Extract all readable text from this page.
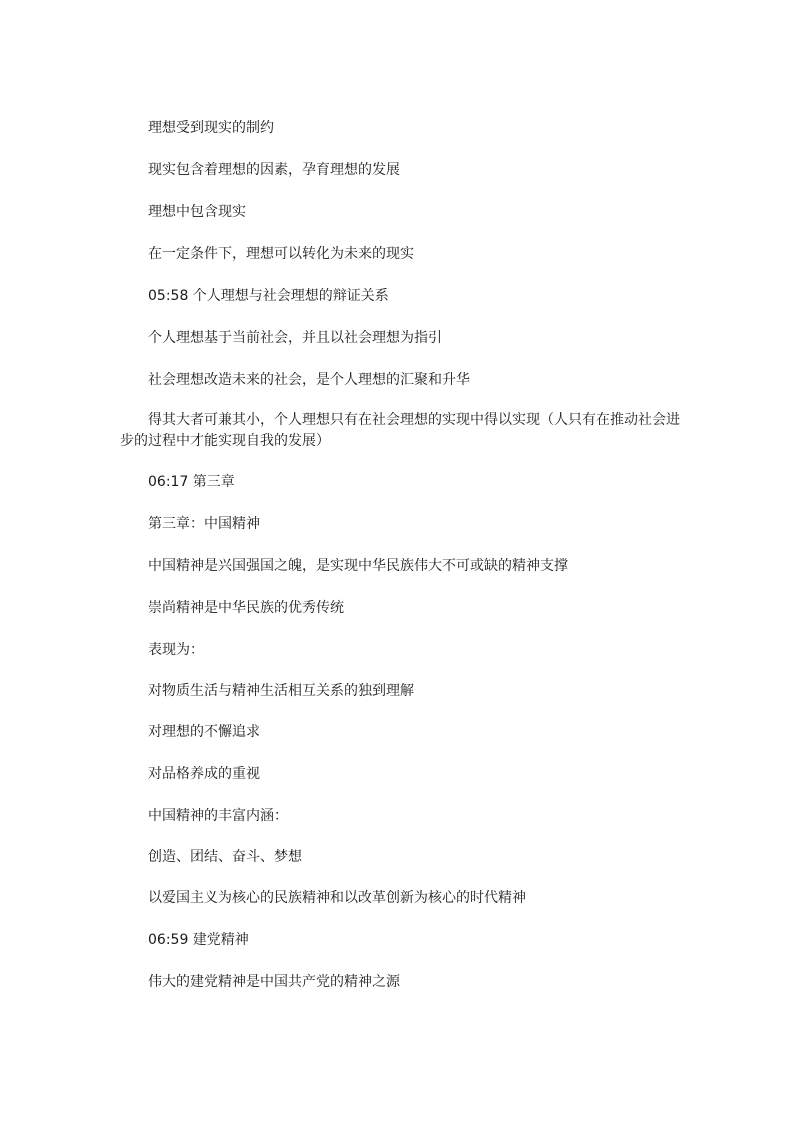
理想受到现实的制约
现实包含着理想的因素，孕育理想的发展
理想中包含现实
在一定条件下，理想可以转化为未来的现实
05:58 个人理想与社会理想的辩证关系
个人理想基于当前社会，并且以社会理想为指引
社会理想改造未来的社会，是个人理想的汇聚和升华
得其大者可兼其小，个人理想只有在社会理想的实现中得以实现（人只有在推动社会进步的过程中才能实现自我的发展）
06:17 第三章
第三章：中国精神
中国精神是兴国强国之魄，是实现中华民族伟大不可或缺的精神支撑
崇尚精神是中华民族的优秀传统
表现为：
对物质生活与精神生活相互关系的独到理解
对理想的不懈追求
对品格养成的重视
中国精神的丰富内涵：
创造、团结、奋斗、梦想
以爱国主义为核心的民族精神和以改革创新为核心的时代精神
06:59 建党精神
伟大的建党精神是中国共产党的精神之源
